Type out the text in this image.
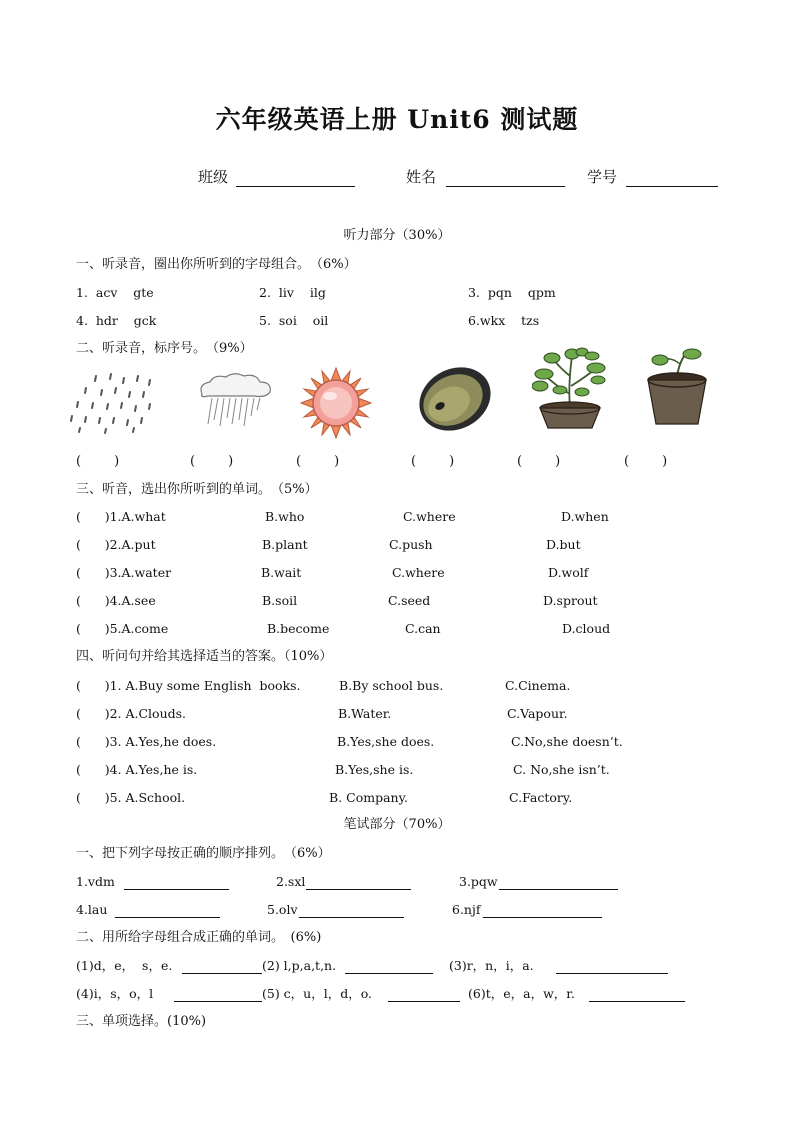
六年级英语上册 Unit6 测试题
班级	姓名	学号
听力部分（30%）
一、听录音，圈出你所听到的字母组合。　（6%）
1.  acv    gte	2.  liv    ilg	3.  pqn    qpm
4.  hdr    gck	5.  soi    oil	6.wkx    tzs
二、听录音，标序号。　（9%）
(        )	(        )	(        )	(        )	(        )	(        )
三、听音，选出你所听到的单词。　（5%）
(      )1.A.what	B.who	C.where	D.when
(      )2.A.put	B.plant	C.push	D.but
(      )3.A.water	B.wait	C.where	D.wolf
(      )4.A.see	B.soil	C.seed	D.sprout
(      )5.A.come	B.become	C.can	D.cloud
四、听问句并给其选择适当的答案。（10%）
(      )1. A.Buy some English  books.	B.By school bus.	C.Cinema.
(      )2. A.Clouds.	B.Water.	C.Vapour.
(      )3. A.Yes,he does.	B.Yes,she does.	C.No,she doesn’t.
(      )4. A.Yes,he is.	B.Yes,she is.	C. No,she isn’t.
(      )5. A.School.	B. Company.	C.Factory.
笔试部分（70%）
一、把下列字母按正确的顺序排列。　（6%）
1.vdm	2.sxl	3.pqw
4.lau	5.olv	6.njf
二、用所给字母组合成正确的单词。　(6%)
(1)d，e，  s，e.	(2) l,p,a,t,n.	(3)r，n，i，a.
(4)i，s，o，l	(5) c，u，l，d，o.	(6)t，e，a，w，r.
三、单项选择。(10%)
